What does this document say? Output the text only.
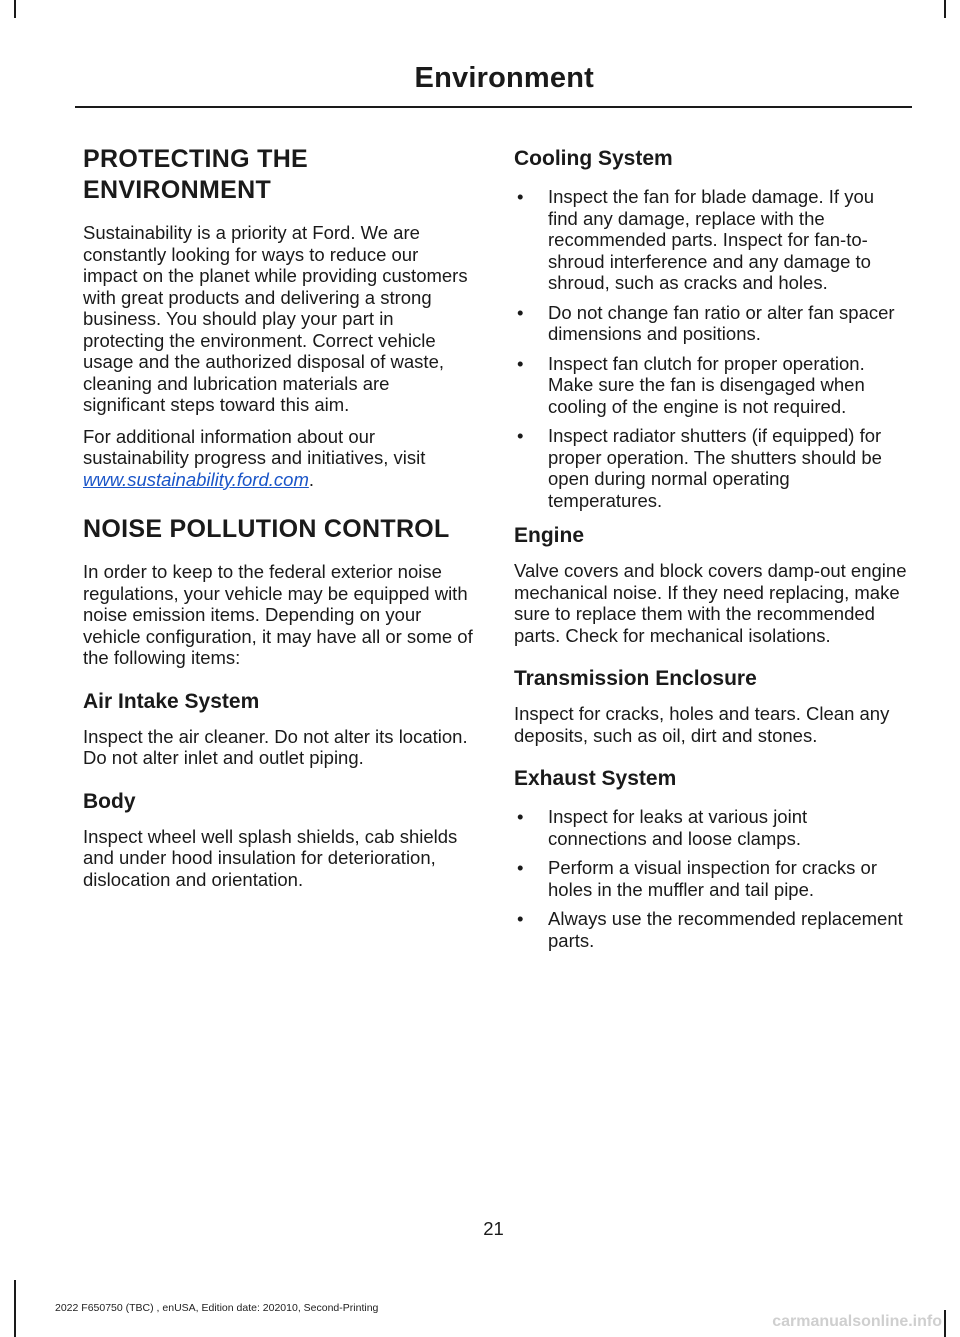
Environment
PROTECTING THE ENVIRONMENT

Sustainability is a priority at Ford. We are constantly looking for ways to reduce our impact on the planet while providing customers with great products and delivering a strong business. You should play your part in protecting the environment. Correct vehicle usage and the authorized disposal of waste, cleaning and lubrication materials are significant steps toward this aim.

For additional information about our sustainability progress and initiatives, visit www.sustainability.ford.com.

NOISE POLLUTION CONTROL

In order to keep to the federal exterior noise regulations, your vehicle may be equipped with noise emission items. Depending on your vehicle configuration, it may have all or some of the following items:

Air Intake System

Inspect the air cleaner. Do not alter its location. Do not alter inlet and outlet piping.

Body

Inspect wheel well splash shields, cab shields and under hood insulation for deterioration, dislocation and orientation.

Cooling System
• Inspect the fan for blade damage. If you find any damage, replace with the recommended parts. Inspect for fan-to-shroud interference and any damage to shroud, such as cracks and holes.
• Do not change fan ratio or alter fan spacer dimensions and positions.
• Inspect fan clutch for proper operation. Make sure the fan is disengaged when cooling of the engine is not required.
• Inspect radiator shutters (if equipped) for proper operation. The shutters should be open during normal operating temperatures.
Engine

Valve covers and block covers damp-out engine mechanical noise. If they need replacing, make sure to replace them with the recommended parts. Check for mechanical isolations.

Transmission Enclosure

Inspect for cracks, holes and tears. Clean any deposits, such as oil, dirt and stones.

Exhaust System
• Inspect for leaks at various joint connections and loose clamps.
• Perform a visual inspection for cracks or holes in the muffler and tail pipe.
• Always use the recommended replacement parts.
21
2022 F650750 (TBC) , enUSA, Edition date: 202010, Second-Printing
carmanualsonline.info
